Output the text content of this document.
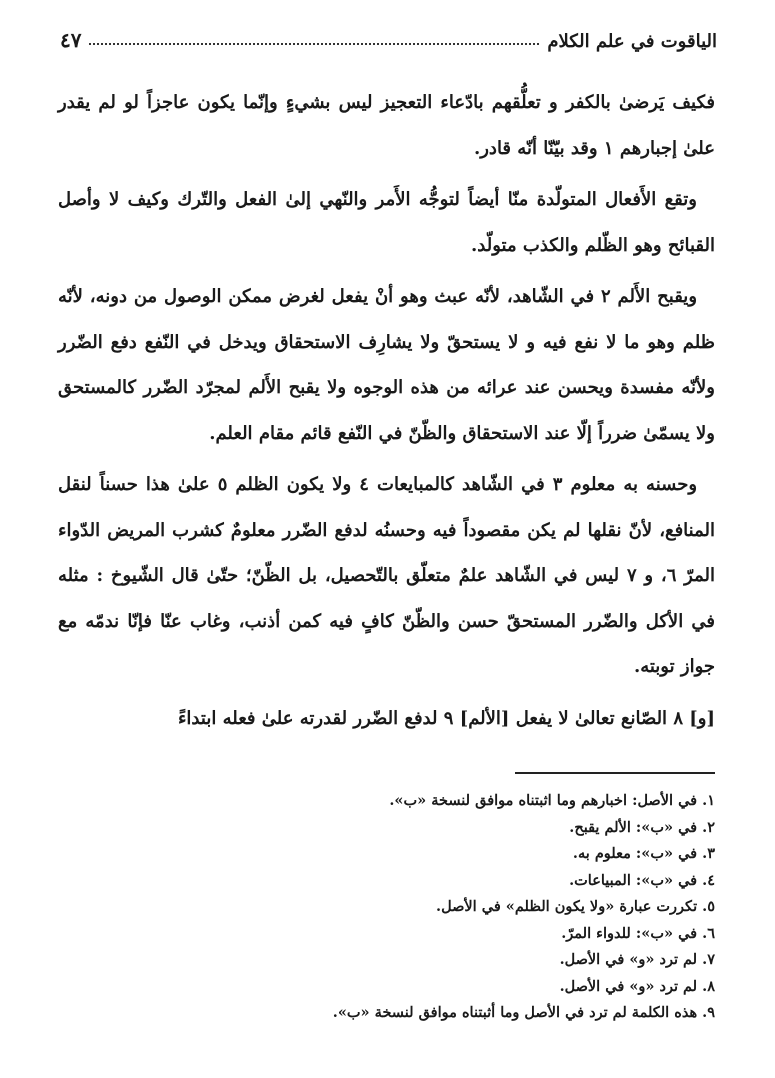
الياقوت في علم الكلام
٤٧

فكيف يَرضىٰ بالكفر و تعلُّقهم بادّعاء التعجيز ليس بشيءٍ وإنّما يكون عاجزاً لو لم يقدر علىٰ إجبارهم ١ وقد بيّنّا أنّه قادر.

وتقع الأَفعال المتولّدة منّا أيضاً لتوجُّه الأَمر والنّهي إلىٰ الفعل والتّرك وكيف لا وأصل القبائح وهو الظّلم والكذب متولّد.

ويقبح الأَلم ٢ في الشّاهد، لأنّه عبث وهو أنْ يفعل لغرض ممكن الوصول من دونه، لأنّه ظلم وهو ما لا نفع فيه و لا يستحقّ ولا يشارِف الاستحقاق ويدخل في النّفع دفع الضّرر ولأنّه مفسدة ويحسن عند عرائه من هذه الوجوه ولا يقبح الأَلم لمجرّد الضّرر كالمستحق ولا يسمّىٰ ضرراً إلّا عند الاستحقاق والظّنّ في النّفع قائم مقام العلم.

وحسنه به معلوم ٣ في الشّاهد كالمبايعات ٤ ولا يكون الظلم ٥ علىٰ هذا حسناً لنقل المنافع، لأنّ نقلها لم يكن مقصوداً فيه وحسنُه لدفع الضّرر معلومٌ كشرب المريض الدّواء المرّ ٦، و ٧ ليس في الشّاهد علمٌ متعلّق بالتّحصيل، بل الظّنّ؛ حتّىٰ قال الشّيوخ : مثله في الأكل والضّرر المستحقّ حسن والظّنّ كافٍ فيه كمن أذنب، وغاب عنّا فإنّا ندمّه مع جواز توبته.

[و] ٨ الصّانع تعالىٰ لا يفعل [الألم] ٩ لدفع الضّرر لقدرته علىٰ فعله ابتداءً

١. في الأصل: اخبارهم وما اثبتناه موافق لنسخة «ب».
٢. في «ب»: الألم يقبح.
٣. في «ب»: معلوم به.
٤. في «ب»: المبياعات.
٥. تكررت عبارة «ولا يكون الظلم» في الأصل.
٦. في «ب»: للدواء المرّ.
٧. لم ترد «و» في الأصل.
٨. لم ترد «و» في الأصل.
٩. هذه الكلمة لم ترد في الأصل وما أثبتناه موافق لنسخة «ب».
